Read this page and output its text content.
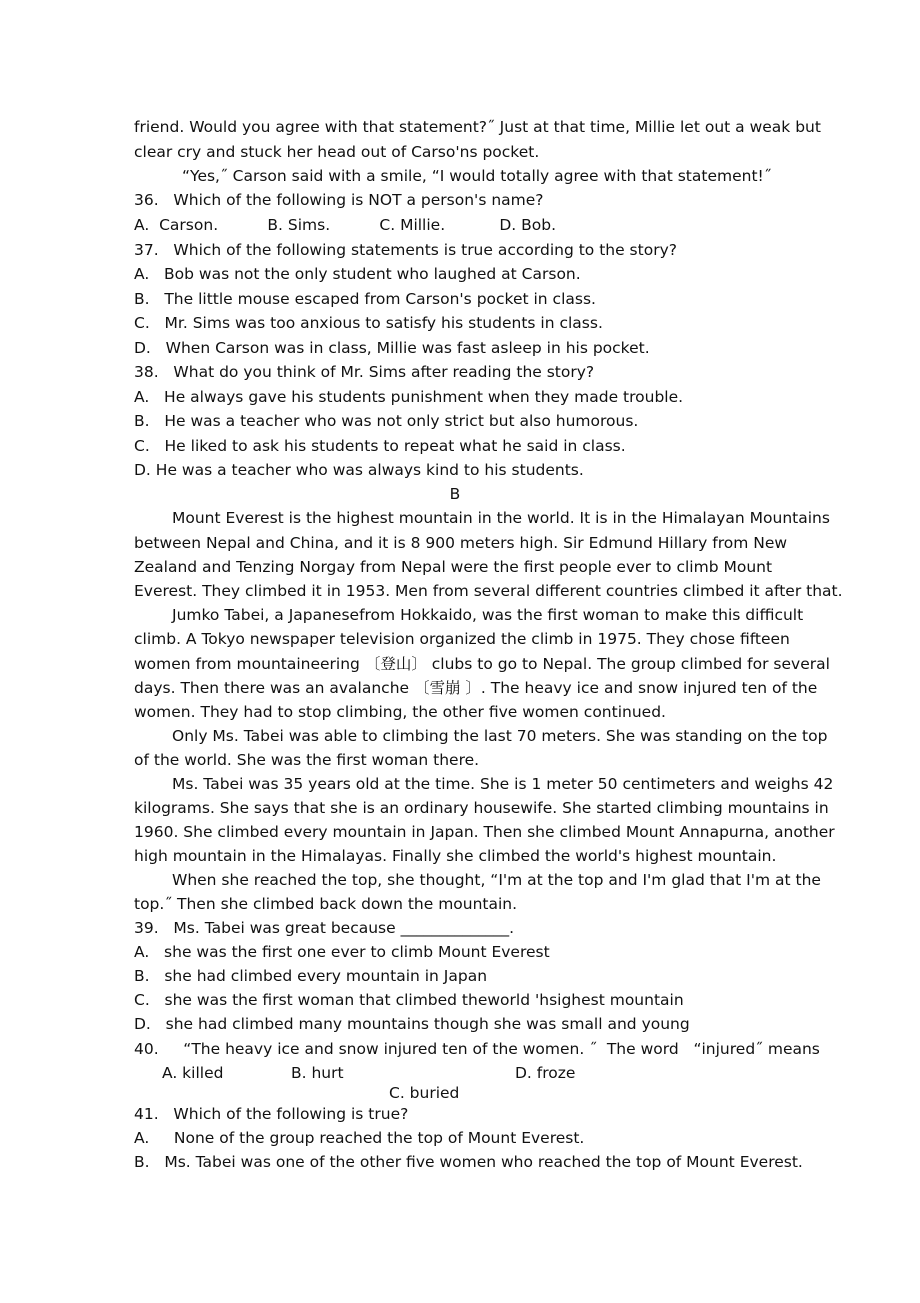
friend. Would you agree with that statement?˝ Just at that time, Millie let out a weak but
clear cry and stuck her head out of Carso'ns pocket.
“Yes,˝ Carson said with a smile, “I would totally agree with that statement!˝
36.   Which of the following is NOT a person's name?
A.  Carson.          B. Sims.          C. Millie.           D. Bob.
37.   Which of the following statements is true according to the story?
A.   Bob was not the only student who laughed at Carson.
B.   The little mouse escaped from Carson's pocket in class.
C.   Mr. Sims was too anxious to satisfy his students in class.
D.   When Carson was in class, Millie was fast asleep in his pocket.
38.   What do you think of Mr. Sims after reading the story?
A.   He always gave his students punishment when they made trouble.
B.   He was a teacher who was not only strict but also humorous.
C.   He liked to ask his students to repeat what he said in class.
D. He was a teacher who was always kind to his students.
B
Mount Everest is the highest mountain in the world. It is in the Himalayan Mountains
between Nepal and China, and it is 8 900 meters high. Sir Edmund Hillary from New
Zealand and Tenzing Norgay from Nepal were the first people ever to climb Mount
Everest. They climbed it in 1953. Men from several different countries climbed it after that.
Jumko Tabei, a Japanesefrom Hokkaido, was the first woman to make this difficult
climb. A Tokyo newspaper television organized the climb in 1975. They chose fifteen
women from mountaineering 〔登山〕 clubs to go to Nepal. The group climbed for several
days. Then there was an avalanche 〔雪崩 〕. The heavy ice and snow injured ten of the
women. They had to stop climbing, the other five women continued.
Only Ms. Tabei was able to climbing the last 70 meters. She was standing on the top
of the world. She was the first woman there.
Ms. Tabei was 35 years old at the time. She is 1 meter 50 centimeters and weighs 42
kilograms. She says that she is an ordinary housewife. She started climbing mountains in
1960. She climbed every mountain in Japan. Then she climbed Mount Annapurna, another
high mountain in the Himalayas. Finally she climbed the world's highest mountain.
When she reached the top, she thought, “I'm at the top and I'm glad that I'm at the
top.˝ Then she climbed back down the mountain.
39.   Ms. Tabei was great because ______________.
A.   she was the first one ever to climb Mount Everest
B.   she had climbed every mountain in Japan
C.   she was the first woman that climbed theworld 'hsighest mountain
D.   she had climbed many mountains though she was small and young
40.     “The heavy ice and snow injured ten of the women. ˝  The word   “injured˝ means
A. killed	B. hurt	D. froze
C. buried
41.   Which of the following is true?
A.     None of the group reached the top of Mount Everest.
B.   Ms. Tabei was one of the other five women who reached the top of Mount Everest.
